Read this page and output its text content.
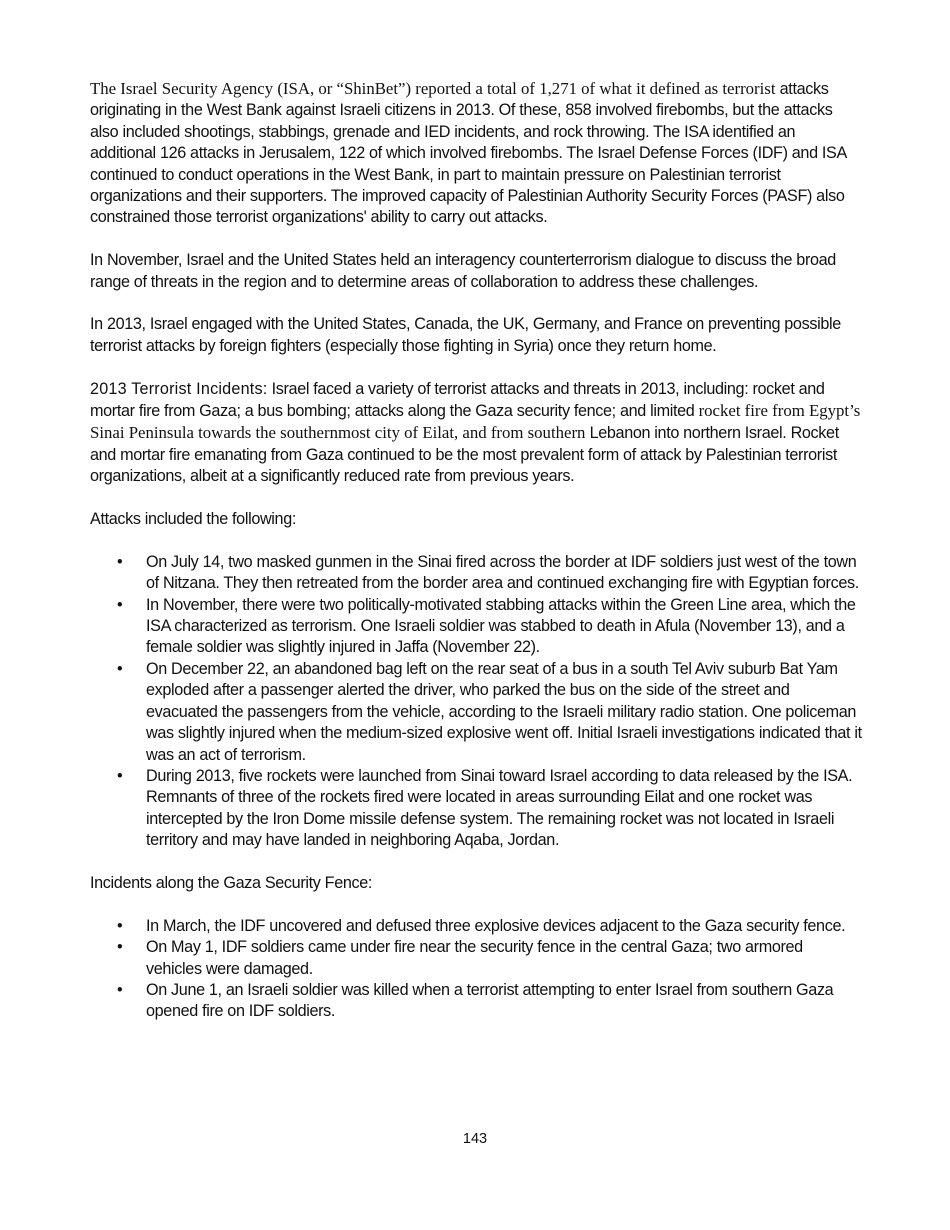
The Israel Security Agency (ISA, or “ShinBet”) reported a total of 1,271 of what it defined as terrorist attacks originating in the West Bank against Israeli citizens in 2013. Of these, 858 involved firebombs, but the attacks also included shootings, stabbings, grenade and IED incidents, and rock throwing. The ISA identified an additional 126 attacks in Jerusalem, 122 of which involved firebombs. The Israel Defense Forces (IDF) and ISA continued to conduct operations in the West Bank, in part to maintain pressure on Palestinian terrorist organizations and their supporters. The improved capacity of Palestinian Authority Security Forces (PASF) also constrained those terrorist organizations' ability to carry out attacks.

In November, Israel and the United States held an interagency counterterrorism dialogue to discuss the broad range of threats in the region and to determine areas of collaboration to address these challenges.

In 2013, Israel engaged with the United States, Canada, the UK, Germany, and France on preventing possible terrorist attacks by foreign fighters (especially those fighting in Syria) once they return home.

2013 Terrorist Incidents: Israel faced a variety of terrorist attacks and threats in 2013, including: rocket and mortar fire from Gaza; a bus bombing; attacks along the Gaza security fence; and limited rocket fire from Egypt’s Sinai Peninsula towards the southernmost city of Eilat, and from southern Lebanon into northern Israel. Rocket and mortar fire emanating from Gaza continued to be the most prevalent form of attack by Palestinian terrorist organizations, albeit at a significantly reduced rate from previous years.

Attacks included the following:

• On July 14, two masked gunmen in the Sinai fired across the border at IDF soldiers just west of the town of Nitzana. They then retreated from the border area and continued exchanging fire with Egyptian forces.
• In November, there were two politically-motivated stabbing attacks within the Green Line area, which the ISA characterized as terrorism. One Israeli soldier was stabbed to death in Afula (November 13), and a female soldier was slightly injured in Jaffa (November 22).
• On December 22, an abandoned bag left on the rear seat of a bus in a south Tel Aviv suburb Bat Yam exploded after a passenger alerted the driver, who parked the bus on the side of the street and evacuated the passengers from the vehicle, according to the Israeli military radio station. One policeman was slightly injured when the medium-sized explosive went off. Initial Israeli investigations indicated that it was an act of terrorism.
• During 2013, five rockets were launched from Sinai toward Israel according to data released by the ISA. Remnants of three of the rockets fired were located in areas surrounding Eilat and one rocket was intercepted by the Iron Dome missile defense system. The remaining rocket was not located in Israeli territory and may have landed in neighboring Aqaba, Jordan.

Incidents along the Gaza Security Fence:

• In March, the IDF uncovered and defused three explosive devices adjacent to the Gaza security fence.
• On May 1, IDF soldiers came under fire near the security fence in the central Gaza; two armored vehicles were damaged.
• On June 1, an Israeli soldier was killed when a terrorist attempting to enter Israel from southern Gaza opened fire on IDF soldiers.
143
